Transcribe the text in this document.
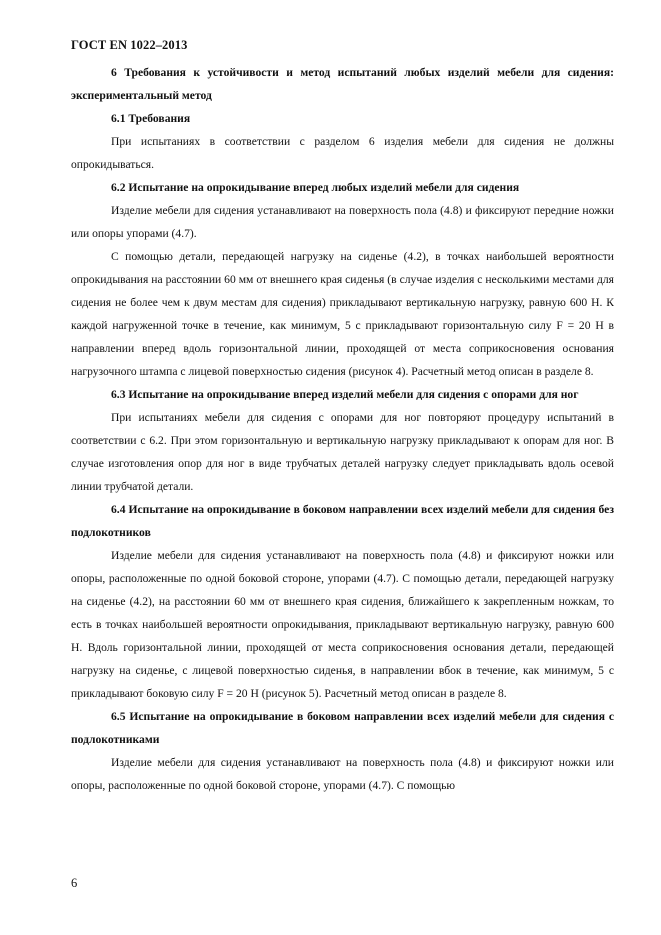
ГОСТ EN 1022–2013

6 Требования к устойчивости и метод испытаний любых изделий мебели для сидения: экспериментальный метод

6.1 Требования

При испытаниях в соответствии с разделом 6 изделия мебели для сидения не должны опрокидываться.

6.2 Испытание на опрокидывание вперед любых изделий мебели для сидения

Изделие мебели для сидения устанавливают на поверхность пола (4.8) и фиксируют передние ножки или опоры упорами (4.7).

С помощью детали, передающей нагрузку на сиденье (4.2), в точках наибольшей вероятности опрокидывания на расстоянии 60 мм от внешнего края сиденья (в случае изделия с несколькими местами для сидения не более чем к двум местам для сидения) прикладывают вертикальную нагрузку, равную 600 Н. К каждой нагруженной точке в течение, как минимум, 5 с прикладывают горизонтальную силу F = 20 Н в направлении вперед вдоль горизонтальной линии, проходящей от места соприкосновения основания нагрузочного штампа с лицевой поверхностью сидения (рисунок 4). Расчетный метод описан в разделе 8.

6.3 Испытание на опрокидывание вперед изделий мебели для сидения с опорами для ног

При испытаниях мебели для сидения с опорами для ног повторяют процедуру испытаний в соответствии с 6.2. При этом горизонтальную и вертикальную нагрузку прикладывают к опорам для ног. В случае изготовления опор для ног в виде трубчатых деталей нагрузку следует прикладывать вдоль осевой линии трубчатой детали.

6.4 Испытание на опрокидывание в боковом направлении всех изделий мебели для сидения без подлокотников

Изделие мебели для сидения устанавливают на поверхность пола (4.8) и фиксируют ножки или опоры, расположенные по одной боковой стороне, упорами (4.7). С помощью детали, передающей нагрузку на сиденье (4.2), на расстоянии 60 мм от внешнего края сидения, ближайшего к закрепленным ножкам, то есть в точках наибольшей вероятности опрокидывания, прикладывают вертикальную нагрузку, равную 600 Н. Вдоль горизонтальной линии, проходящей от места соприкосновения основания детали, передающей нагрузку на сиденье, с лицевой поверхностью сиденья, в направлении вбок в течение, как минимум, 5 с прикладывают боковую силу F = 20 Н (рисунок 5). Расчетный метод описан в разделе 8.

6.5 Испытание на опрокидывание в боковом направлении всех изделий мебели для сидения с подлокотниками

Изделие мебели для сидения устанавливают на поверхность пола (4.8) и фиксируют ножки или опоры, расположенные по одной боковой стороне, упорами (4.7). С помощью

6
